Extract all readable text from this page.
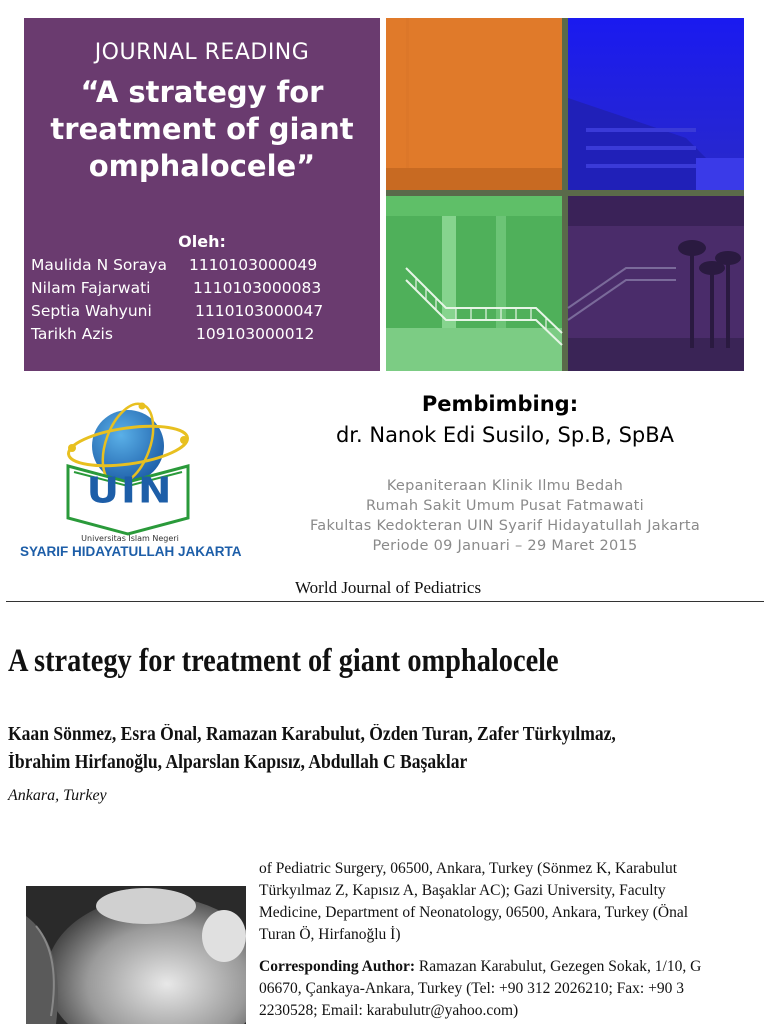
JOURNAL READING
“A strategy for
treatment of giant
omphalocele”
Oleh:
Maulida N Soraya 1110103000049
Nilam Fajarwati	1110103000083
Septia Wahyuni	1110103000047
Tarikh Azis	109103000012
UIN
Universitas Islam Negeri
SYARIF HIDAYATULLAH JAKARTA
Pembimbing:
dr. Nanok Edi Susilo, Sp.B, SpBA
Kepaniteraan Klinik Ilmu Bedah
Rumah Sakit Umum Pusat Fatmawati
Fakultas Kedokteran UIN Syarif Hidayatullah Jakarta
Periode 09 Januari – 29 Maret 2015
World Journal of Pediatrics
A strategy for treatment of giant omphalocele
Kaan Sönmez, Esra Önal, Ramazan Karabulut, Özden Turan, Zafer Türkyılmaz,
İbrahim Hirfanoğlu, Alparslan Kapısız, Abdullah C Başaklar
Ankara, Turkey
of Pediatric Surgery, 06500, Ankara, Turkey (Sönmez K, Karabulut
Türkyılmaz Z, Kapısız A, Başaklar AC); Gazi University, Faculty
Medicine, Department of Neonatology, 06500, Ankara, Turkey (Önal
Turan Ö, Hirfanoğlu İ)
Corresponding Author: Ramazan Karabulut, Gezegen Sokak, 1/10, G
06670, Çankaya-Ankara, Turkey (Tel: +90 312 2026210; Fax: +90 3
2230528; Email: karabulutr@yahoo.com)
